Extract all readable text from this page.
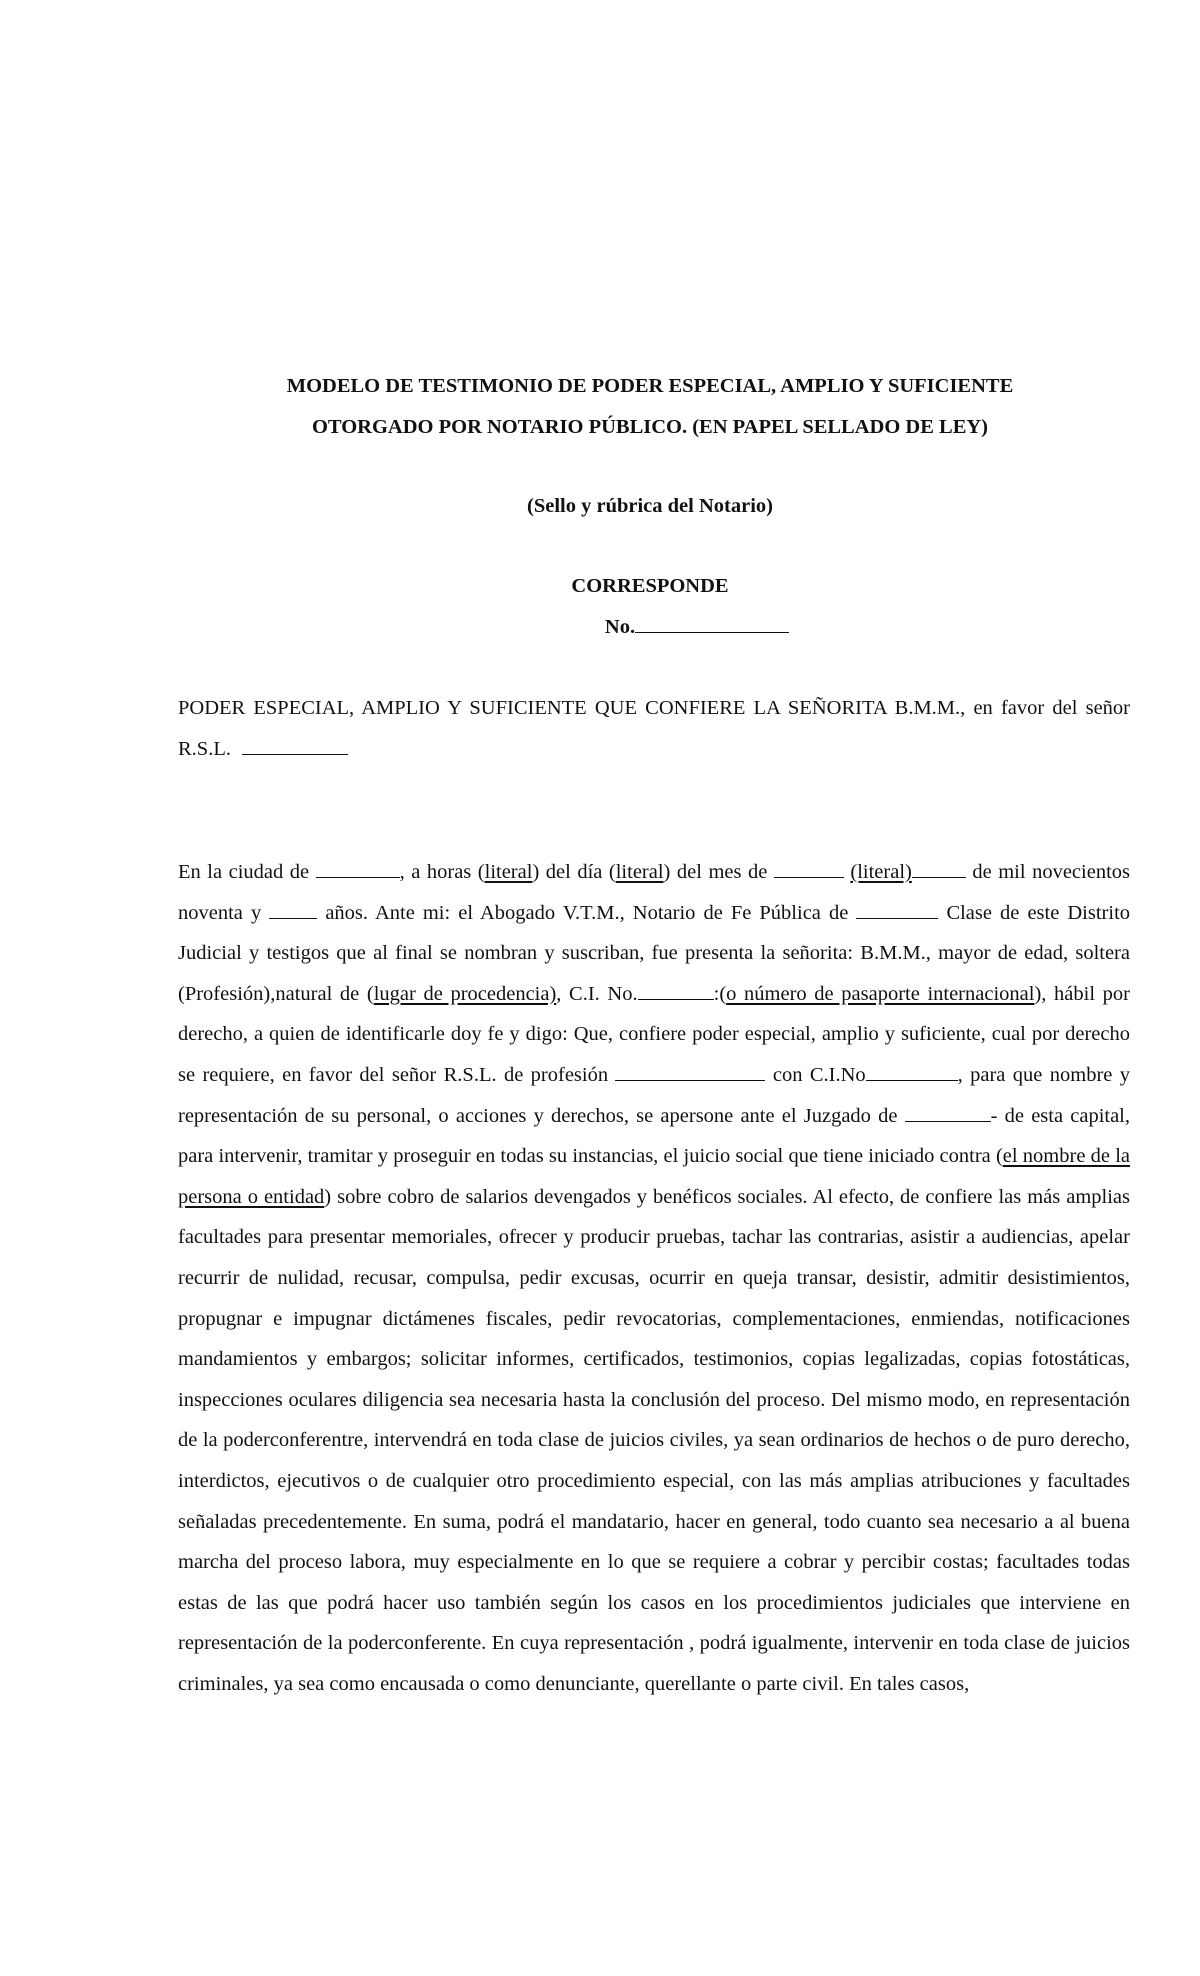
MODELO DE TESTIMONIO DE PODER ESPECIAL, AMPLIO Y SUFICIENTE
OTORGADO POR NOTARIO PÚBLICO. (EN PAPEL SELLADO DE LEY)
(Sello y rúbrica del Notario)
CORRESPONDE
No.
PODER ESPECIAL, AMPLIO Y SUFICIENTE QUE CONFIERE LA SEÑORITA B.M.M., en favor del señor R.S.L.
En la ciudad de	, a horas (literal) del día (literal) del mes de	(literal)	de mil novecientos noventa y	años. Ante mi: el Abogado V.T.M., Notario de Fe Pública de	Clase de este Distrito Judicial y testigos que al final se nombran y suscriban, fue presenta la señorita: B.M.M., mayor de edad, soltera (Profesión),natural de (lugar de procedencia), C.I. No.	:(o número de pasaporte internacional), hábil por derecho, a quien de identificarle doy fe y digo: Que, confiere poder especial, amplio y suficiente, cual por derecho se requiere, en favor del señor R.S.L. de profesión	con C.I.No	, para que nombre y representación de su personal, o acciones y derechos, se apersone ante el Juzgado de	- de esta capital, para intervenir, tramitar y proseguir en todas su instancias, el juicio social que tiene iniciado contra (el nombre de la persona o entidad) sobre cobro de salarios devengados y benéficos sociales. Al efecto, de confiere las más amplias facultades para presentar memoriales, ofrecer y producir pruebas, tachar las contrarias, asistir a audiencias, apelar recurrir de nulidad, recusar, compulsa, pedir excusas, ocurrir en queja transar, desistir, admitir desistimientos, propugnar e impugnar dictámenes fiscales, pedir revocatorias, complementaciones, enmiendas, notificaciones mandamientos y embargos; solicitar informes, certificados, testimonios, copias legalizadas, copias fotostáticas, inspecciones oculares diligencia sea necesaria hasta la conclusión del proceso. Del mismo modo, en representación de la poderconferentre, intervendrá en toda clase de juicios civiles, ya sean ordinarios de hechos o de puro derecho, interdictos, ejecutivos o de cualquier otro procedimiento especial, con las más amplias atribuciones y facultades señaladas precedentemente. En suma, podrá el mandatario, hacer en general, todo cuanto sea necesario a al buena marcha del proceso labora, muy especialmente en lo que se requiere a cobrar y percibir costas; facultades todas estas de las que podrá hacer uso también según los casos en los procedimientos judiciales que interviene en representación de la poderconferente. En cuya representación , podrá igualmente, intervenir en toda clase de juicios criminales, ya sea como encausada o como denunciante, querellante o parte civil. En tales casos,
